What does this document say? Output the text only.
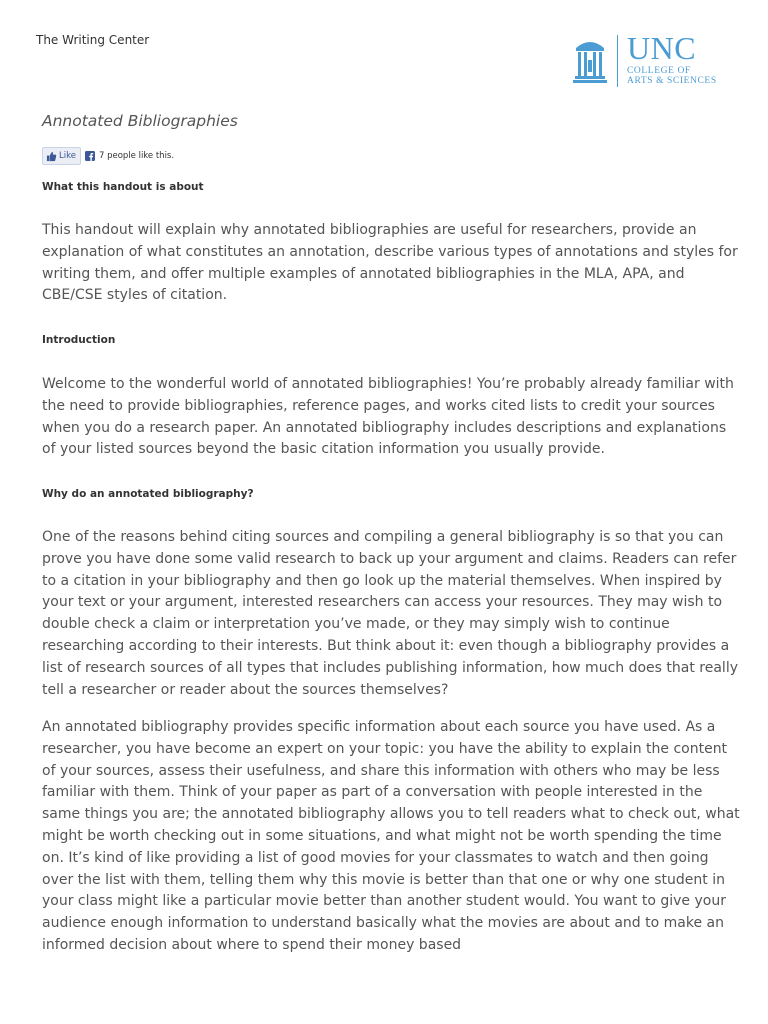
The Writing Center	UNC
COLLEGE OF
ARTS & SCIENCES
Annotated Bibliographies
Like	7 people like this.
What this handout is about

This handout will explain why annotated bibliographies are useful for researchers, provide an explanation of what constitutes an annotation, describe various types of annotations and styles for writing them, and offer multiple examples of annotated bibliographies in the MLA, APA, and CBE/CSE styles of citation.

Introduction

Welcome to the wonderful world of annotated bibliographies! You’re probably already familiar with the need to provide bibliographies, reference pages, and works cited lists to credit your sources when you do a research paper. An annotated bibliography includes descriptions and explanations of your listed sources beyond the basic citation information you usually provide.

Why do an annotated bibliography?

One of the reasons behind citing sources and compiling a general bibliography is so that you can prove you have done some valid research to back up your argument and claims. Readers can refer to a citation in your bibliography and then go look up the material themselves. When inspired by your text or your argument, interested researchers can access your resources. They may wish to double check a claim or interpretation you’ve made, or they may simply wish to continue researching according to their interests. But think about it: even though a bibliography provides a list of research sources of all types that includes publishing information, how much does that really tell a researcher or reader about the sources themselves?

An annotated bibliography provides specific information about each source you have used. As a researcher, you have become an expert on your topic: you have the ability to explain the content of your sources, assess their usefulness, and share this information with others who may be less familiar with them. Think of your paper as part of a conversation with people interested in the same things you are; the annotated bibliography allows you to tell readers what to check out, what might be worth checking out in some situations, and what might not be worth spending the time on. It’s kind of like providing a list of good movies for your classmates to watch and then going over the list with them, telling them why this movie is better than that one or why one student in your class might like a particular movie better than another student would. You want to give your audience enough information to understand basically what the movies are about and to make an informed decision about where to spend their money based
